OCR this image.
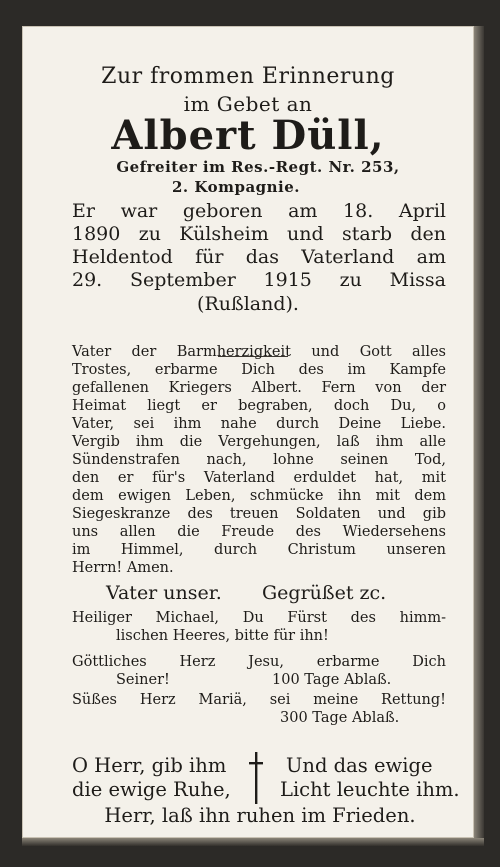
Zur frommen Erinnerung
im Gebet an
Albert Düll,
Gefreiter im Res.-Regt. Nr. 253,
2. Kompagnie.
Er war geboren am 18. April
1890 zu Külsheim und starb den
Heldentod für das Vaterland am
29. September 1915 zu Missa
(Rußland).
Vater der Barmherzigkeit und Gott alles
Trostes, erbarme Dich des im Kampfe
gefallenen Kriegers Albert. Fern von der
Heimat liegt er begraben, doch Du, o
Vater, sei ihm nahe durch Deine Liebe.
Vergib ihm die Vergehungen, laß ihm alle
Sündenstrafen nach, lohne seinen Tod,
den er für's Vaterland erduldet hat, mit
dem ewigen Leben, schmücke ihn mit dem
Siegeskranze des treuen Soldaten und gib
uns allen die Freude des Wiedersehens
im Himmel, durch Christum unseren
Herrn! Amen.
Vater unser. Gegrüßet zc.
Heiliger Michael, Du Fürst des himm-
lischen Heeres, bitte für ihn!
Göttliches Herz Jesu, erbarme Dich
Seiner!	100 Tage Ablaß.
Süßes Herz Mariä, sei meine Rettung!
300 Tage Ablaß.
O Herr, gib ihm
die ewige Ruhe,
Und das ewige
Licht leuchte ihm.
Herr, laß ihn ruhen im Frieden.
